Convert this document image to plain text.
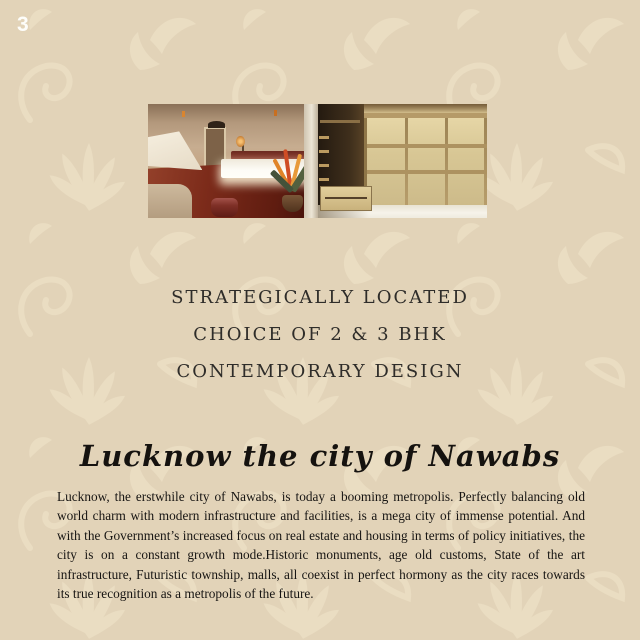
3
STRATEGICALLY LOCATED
CHOICE OF 2 & 3 BHK
CONTEMPORARY DESIGN
Lucknow the city of Nawabs
Lucknow, the erstwhile city of Nawabs, is today a booming metropolis. Perfectly balancing old world charm with modern infrastructure and facilities, is a mega city of immense potential. And with the Government’s increased focus on real estate and housing in terms of policy initiatives, the city is on a constant growth mode.Historic monuments, age old customs, State of the art infrastructure, Futuristic township, malls, all coexist in perfect hormony as the city races towards its true recognition as a metropolis of the future.
